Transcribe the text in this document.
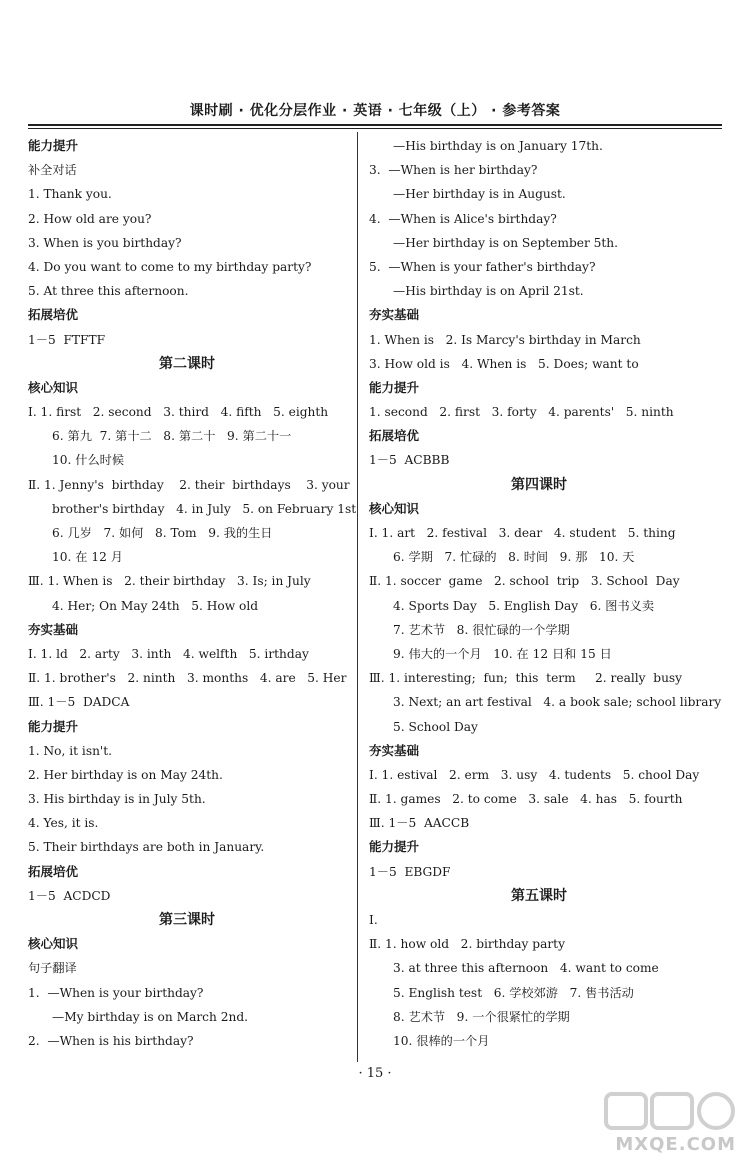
课时刷 · 优化分层作业 · 英语 · 七年级（上） · 参考答案
能力提升
补全对话
1. Thank you.
2. How old are you?
3. When is you birthday?
4. Do you want to come to my birthday party?
5. At three this afternoon.
拓展培优
1－5  FTFTF
第二课时
核心知识
Ⅰ. 1. first   2. second   3. third   4. fifth   5. eighth
6. 第九  7. 第十二   8. 第二十   9. 第二十一
10. 什么时候
Ⅱ. 1. Jenny's  birthday    2. their  birthdays    3. your
brother's birthday   4. in July   5. on February 1st
6. 几岁   7. 如何   8. Tom   9. 我的生日
10. 在 12 月
Ⅲ. 1. When is   2. their birthday   3. Is; in July
4. Her; On May 24th   5. How old
夯实基础
Ⅰ. 1. ld   2. arty   3. inth   4. welfth   5. irthday
Ⅱ. 1. brother's   2. ninth   3. months   4. are   5. Her
Ⅲ. 1－5  DADCA
能力提升
1. No, it isn't.
2. Her birthday is on May 24th.
3. His birthday is in July 5th.
4. Yes, it is.
5. Their birthdays are both in January.
拓展培优
1－5  ACDCD
第三课时
核心知识
句子翻译
1.  —When is your birthday?
—My birthday is on March 2nd.
2.  —When is his birthday?
—His birthday is on January 17th.
3.  —When is her birthday?
—Her birthday is in August.
4.  —When is Alice's birthday?
—Her birthday is on September 5th.
5.  —When is your father's birthday?
—His birthday is on April 21st.
夯实基础
1. When is   2. Is Marcy's birthday in March
3. How old is   4. When is   5. Does; want to
能力提升
1. second   2. first   3. forty   4. parents'   5. ninth
拓展培优
1－5  ACBBB
第四课时
核心知识
Ⅰ. 1. art   2. festival   3. dear   4. student   5. thing
6. 学期   7. 忙碌的   8. 时间   9. 那   10. 天
Ⅱ. 1. soccer  game   2. school  trip   3. School  Day
4. Sports Day   5. English Day   6. 图书义卖
7. 艺术节   8. 很忙碌的一个学期
9. 伟大的一个月   10. 在 12 日和 15 日
Ⅲ. 1. interesting;  fun;  this  term     2. really  busy
3. Next; an art festival   4. a book sale; school library
5. School Day
夯实基础
Ⅰ. 1. estival   2. erm   3. usy   4. tudents   5. chool Day
Ⅱ. 1. games   2. to come   3. sale   4. has   5. fourth
Ⅲ. 1－5  AACCB
能力提升
1－5  EBGDF
第五课时
Ⅰ.
Ⅱ. 1. how old   2. birthday party
3. at three this afternoon   4. want to come
5. English test   6. 学校郊游   7. 售书活动
8. 艺术节   9. 一个很紧忙的学期
10. 很棒的一个月
· 15 ·
MXQE.COM
